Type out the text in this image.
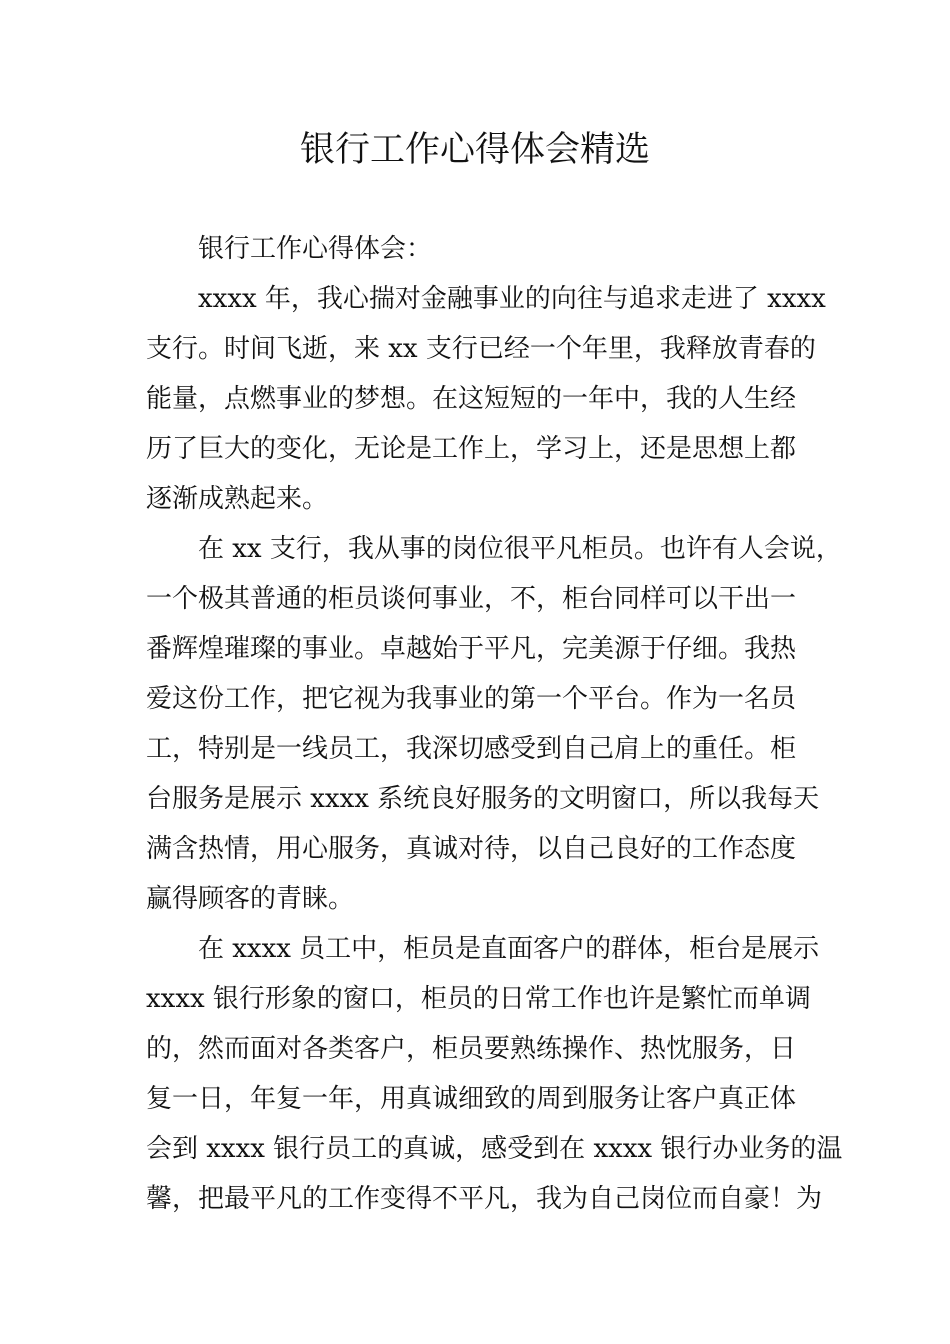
银行工作心得体会精选

银行工作心得体会：

xxxx 年，我心揣对金融事业的向往与追求走进了 xxxx
支行。时间飞逝，来 xx 支行已经一个年里，我释放青春的
能量，点燃事业的梦想。在这短短的一年中，我的人生经
历了巨大的变化，无论是工作上，学习上，还是思想上都
逐渐成熟起来。

在 xx 支行，我从事的岗位很平凡柜员。也许有人会说，
一个极其普通的柜员谈何事业，不，柜台同样可以干出一
番辉煌璀璨的事业。卓越始于平凡，完美源于仔细。我热
爱这份工作，把它视为我事业的第一个平台。作为一名员
工，特别是一线员工，我深切感受到自己肩上的重任。柜
台服务是展示 xxxx 系统良好服务的文明窗口，所以我每天
满含热情，用心服务，真诚对待，以自己良好的工作态度
赢得顾客的青睐。

在 xxxx 员工中，柜员是直面客户的群体，柜台是展示
xxxx 银行形象的窗口，柜员的日常工作也许是繁忙而单调
的，然而面对各类客户，柜员要熟练操作、热忱服务，日
复一日，年复一年，用真诚细致的周到服务让客户真正体
会到 xxxx 银行员工的真诚，感受到在 xxxx 银行办业务的温
馨，把最平凡的工作变得不平凡，我为自己岗位而自豪！为
